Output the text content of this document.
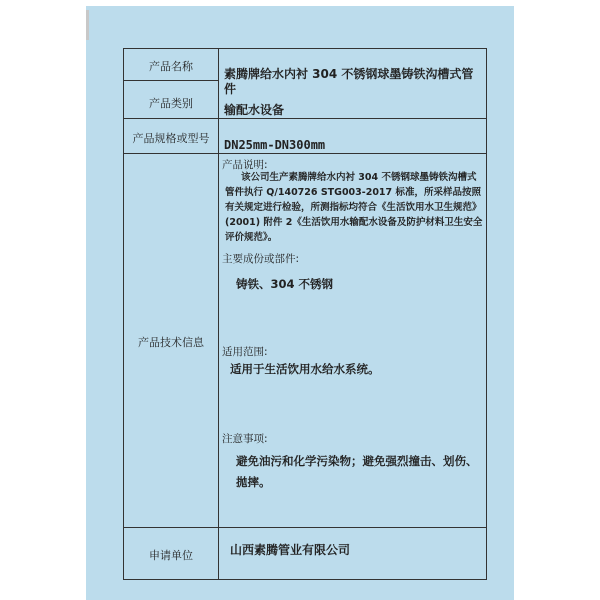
产品名称
产品类别
产品规格或型号
产品技术信息
申请单位
素腾牌给水内衬 304 不锈钢球墨铸铁沟槽式管件
输配水设备
DN25mm-DN300mm
产品说明:
该公司生产素腾牌给水内衬 304 不锈钢球墨铸铁沟槽式管件执行 Q/140726 STG003-2017 标准，所采样品按照有关规定进行检验，所测指标均符合《生活饮用水卫生规范》(2001) 附件 2《生活饮用水输配水设备及防护材料卫生安全评价规范》。
主要成份或部件:
铸铁、304 不锈钢
适用范围:
适用于生活饮用水给水系统。
注意事项:
避免油污和化学污染物；避免强烈撞击、划伤、拋摔。
山西素腾管业有限公司
